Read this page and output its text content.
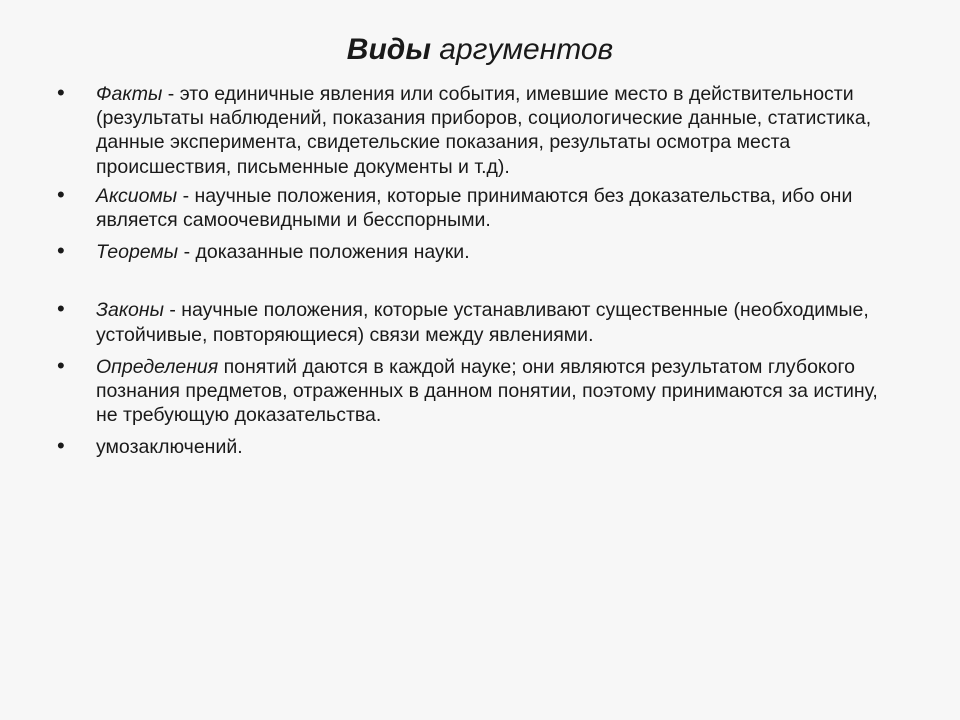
Виды аргументов
• Факты - это единичные явления или события, имевшие место в действительности (результаты наблюдений, показания приборов, социологические данные, статистика, данные эксперимента, свидетельские показания, результаты осмотра места происшествия, письменные документы и т.д).
• Аксиомы - научные положения, которые принимаются без доказательства, ибо они является самоочевидными и бесспорными.
• Теоремы - доказанные положения науки.
• Законы - научные положения, которые устанавливают существенные (необходимые, устойчивые, повторяющиеся) связи между явлениями.
• Определения понятий даются в каждой науке; они являются результатом глубокого познания предметов, отраженных в данном понятии, поэтому принимаются за истину, не требующую доказательства.
• умозаключений.
